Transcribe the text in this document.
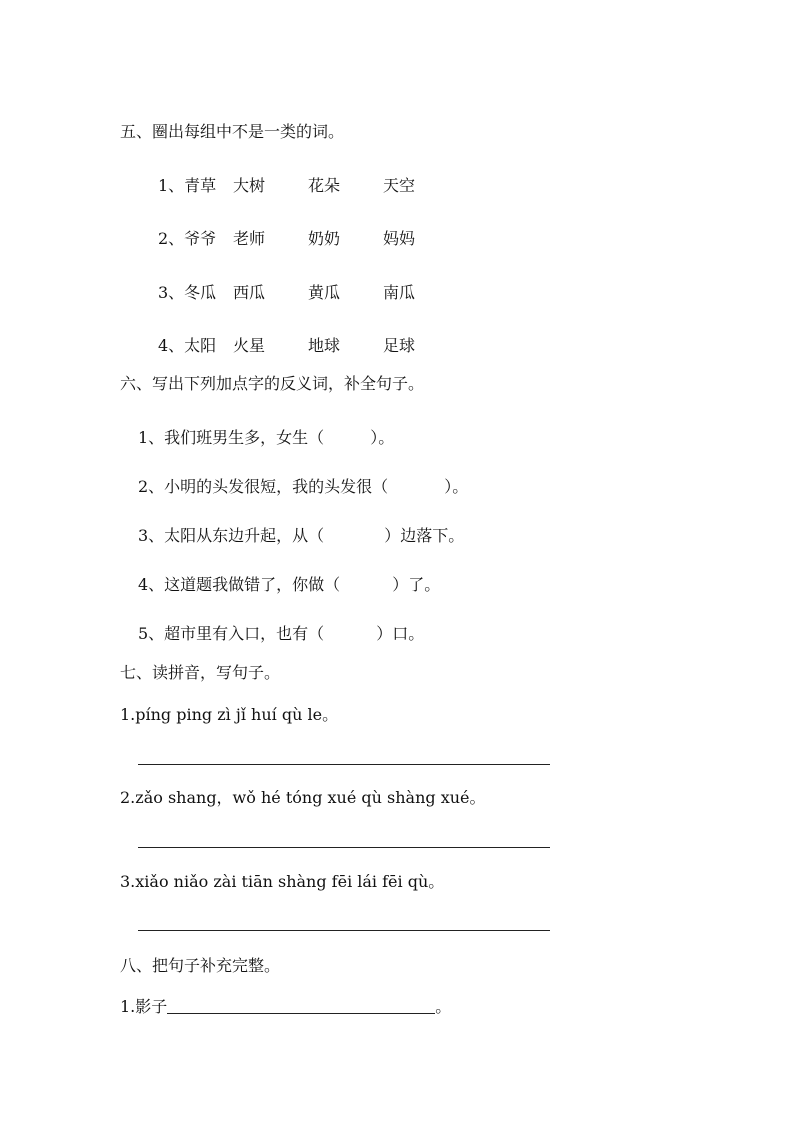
五、圈出每组中不是一类的词。
1、青草	大树	花朵	天空
2、爷爷	老师	奶奶	妈妈
3、冬瓜	西瓜	黄瓜	南瓜
4、太阳	火星	地球	足球
六、写出下列加点字的反义词，补全句子。
1、我们班男生多，女生（	）。
2、小明的头发很短，我的头发很（	）。
3、太阳从东边升起，从（	）边落下。
4、这道题我做错了，你做（	）了。
5、超市里有入口，也有（	）口。
七、读拼音，写句子。
1.píng ping zì jǐ huí qù le。
2.zǎo shang，wǒ hé tóng xué qù shàng xué。
3.xiǎo niǎo zài tiān shàng fēi lái fēi qù。
八、把句子补充完整。
1.影子	。
